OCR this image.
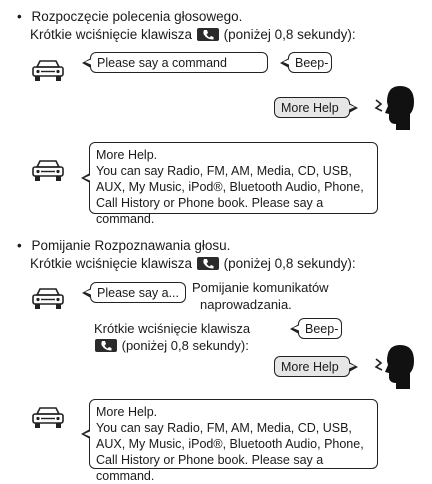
• Rozpoczęcie polecenia głosowego.
Krótkie wciśnięcie klawisza (poniżej 0,8 sekundy):
Please say a command	Beep-
More Help
More Help.
You can say Radio, FM, AM, Media, CD, USB, AUX, My Music, iPod®, Bluetooth Audio, Phone, Call History or Phone book. Please say a command.
• Pomijanie Rozpoznawania głosu.
Krótkie wciśnięcie klawisza (poniżej 0,8 sekundy):
Please say a...	Pomijanie komunikatów
naprowadzania.
Krótkie wciśnięcie klawisza
(poniżej 0,8 sekundy):
Beep-
More Help
More Help.
You can say Radio, FM, AM, Media, CD, USB, AUX, My Music, iPod®, Bluetooth Audio, Phone, Call History or Phone book. Please say a command.
